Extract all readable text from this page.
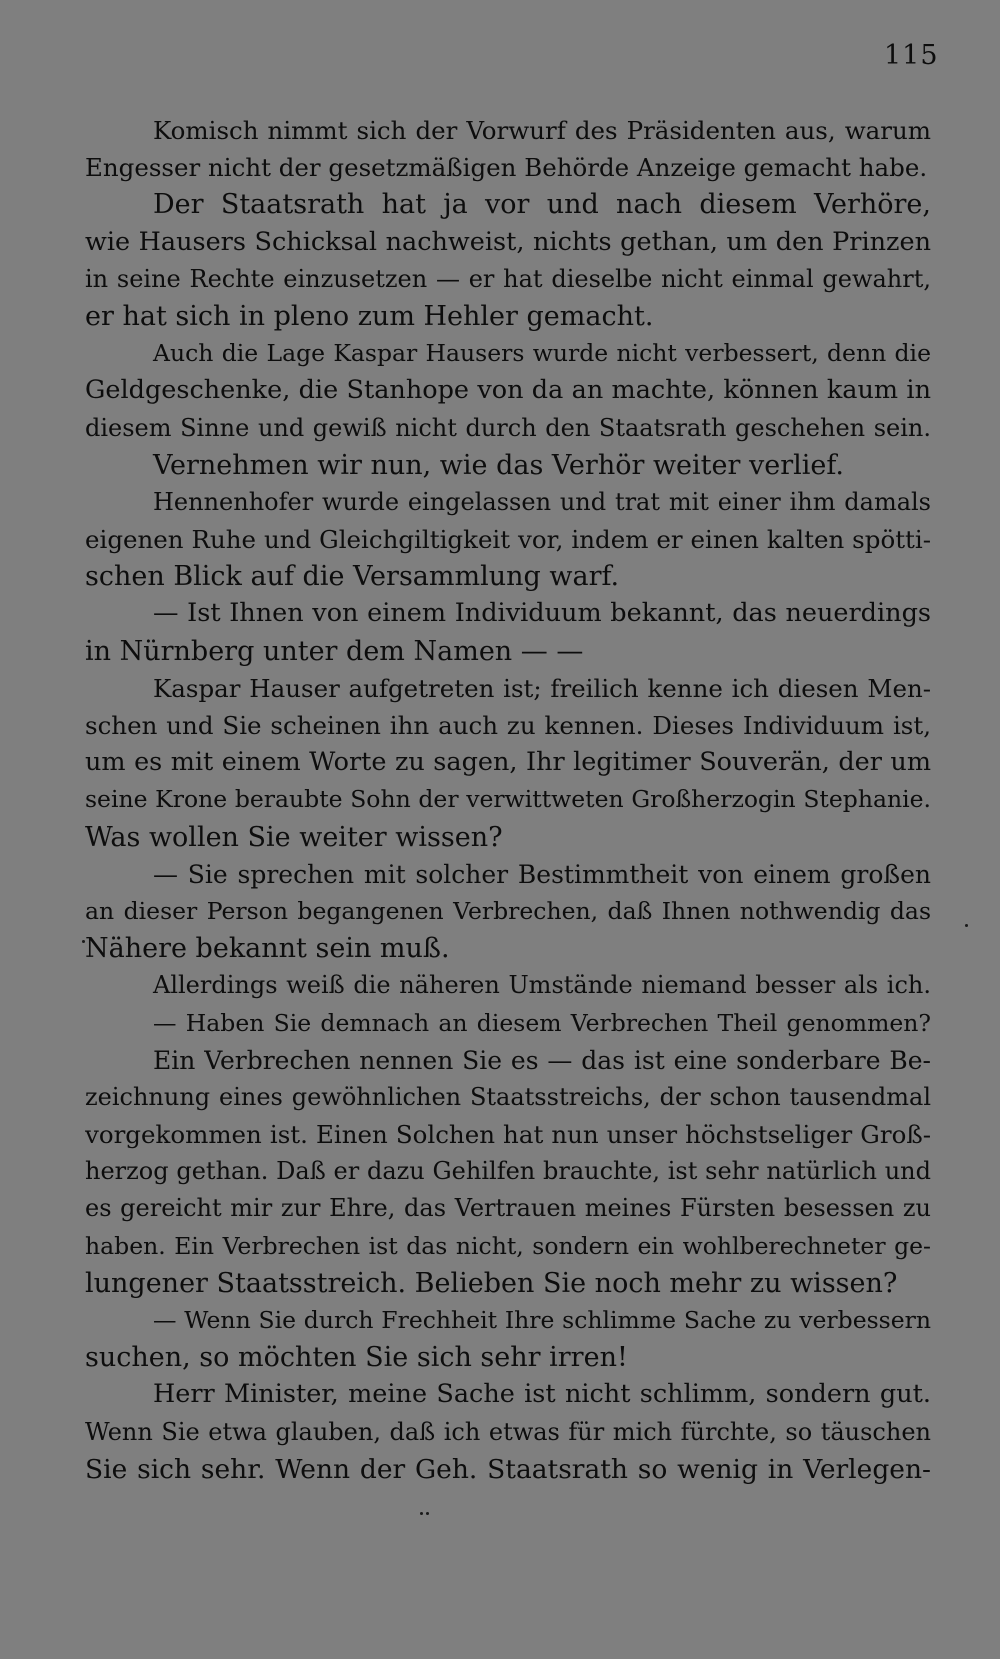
115
Komisch nimmt sich der Vorwurf des Präsidenten aus, warum
Engesser nicht der gesetzmäßigen Behörde Anzeige gemacht habe.
Der Staatsrath hat ja vor und nach diesem Verhöre,
wie Hausers Schicksal nachweist, nichts gethan, um den Prinzen
in seine Rechte einzusetzen — er hat dieselbe nicht einmal gewahrt,
er hat sich in pleno zum Hehler gemacht.
Auch die Lage Kaspar Hausers wurde nicht verbessert, denn die
Geldgeschenke, die Stanhope von da an machte, können kaum in
diesem Sinne und gewiß nicht durch den Staatsrath geschehen sein.
Vernehmen wir nun, wie das Verhör weiter verlief.
Hennenhofer wurde eingelassen und trat mit einer ihm damals
eigenen Ruhe und Gleichgiltigkeit vor, indem er einen kalten spötti-
schen Blick auf die Versammlung warf.
— Ist Ihnen von einem Individuum bekannt, das neuerdings
in Nürnberg unter dem Namen — —
Kaspar Hauser aufgetreten ist; freilich kenne ich diesen Men-
schen und Sie scheinen ihn auch zu kennen. Dieses Individuum ist,
um es mit einem Worte zu sagen, Ihr legitimer Souverän, der um
seine Krone beraubte Sohn der verwittweten Großherzogin Stephanie.
Was wollen Sie weiter wissen?
— Sie sprechen mit solcher Bestimmtheit von einem großen
an dieser Person begangenen Verbrechen, daß Ihnen nothwendig das
Nähere bekannt sein muß.
Allerdings weiß die näheren Umstände niemand besser als ich.
— Haben Sie demnach an diesem Verbrechen Theil genommen?
Ein Verbrechen nennen Sie es — das ist eine sonderbare Be-
zeichnung eines gewöhnlichen Staatsstreichs, der schon tausendmal
vorgekommen ist. Einen Solchen hat nun unser höchstseliger Groß-
herzog gethan. Daß er dazu Gehilfen brauchte, ist sehr natürlich und
es gereicht mir zur Ehre, das Vertrauen meines Fürsten besessen zu
haben. Ein Verbrechen ist das nicht, sondern ein wohlberechneter ge-
lungener Staatsstreich. Belieben Sie noch mehr zu wissen?
— Wenn Sie durch Frechheit Ihre schlimme Sache zu verbessern
suchen, so möchten Sie sich sehr irren!
Herr Minister, meine Sache ist nicht schlimm, sondern gut.
Wenn Sie etwa glauben, daß ich etwas für mich fürchte, so täuschen
Sie sich sehr. Wenn der Geh. Staatsrath so wenig in Verlegen-
